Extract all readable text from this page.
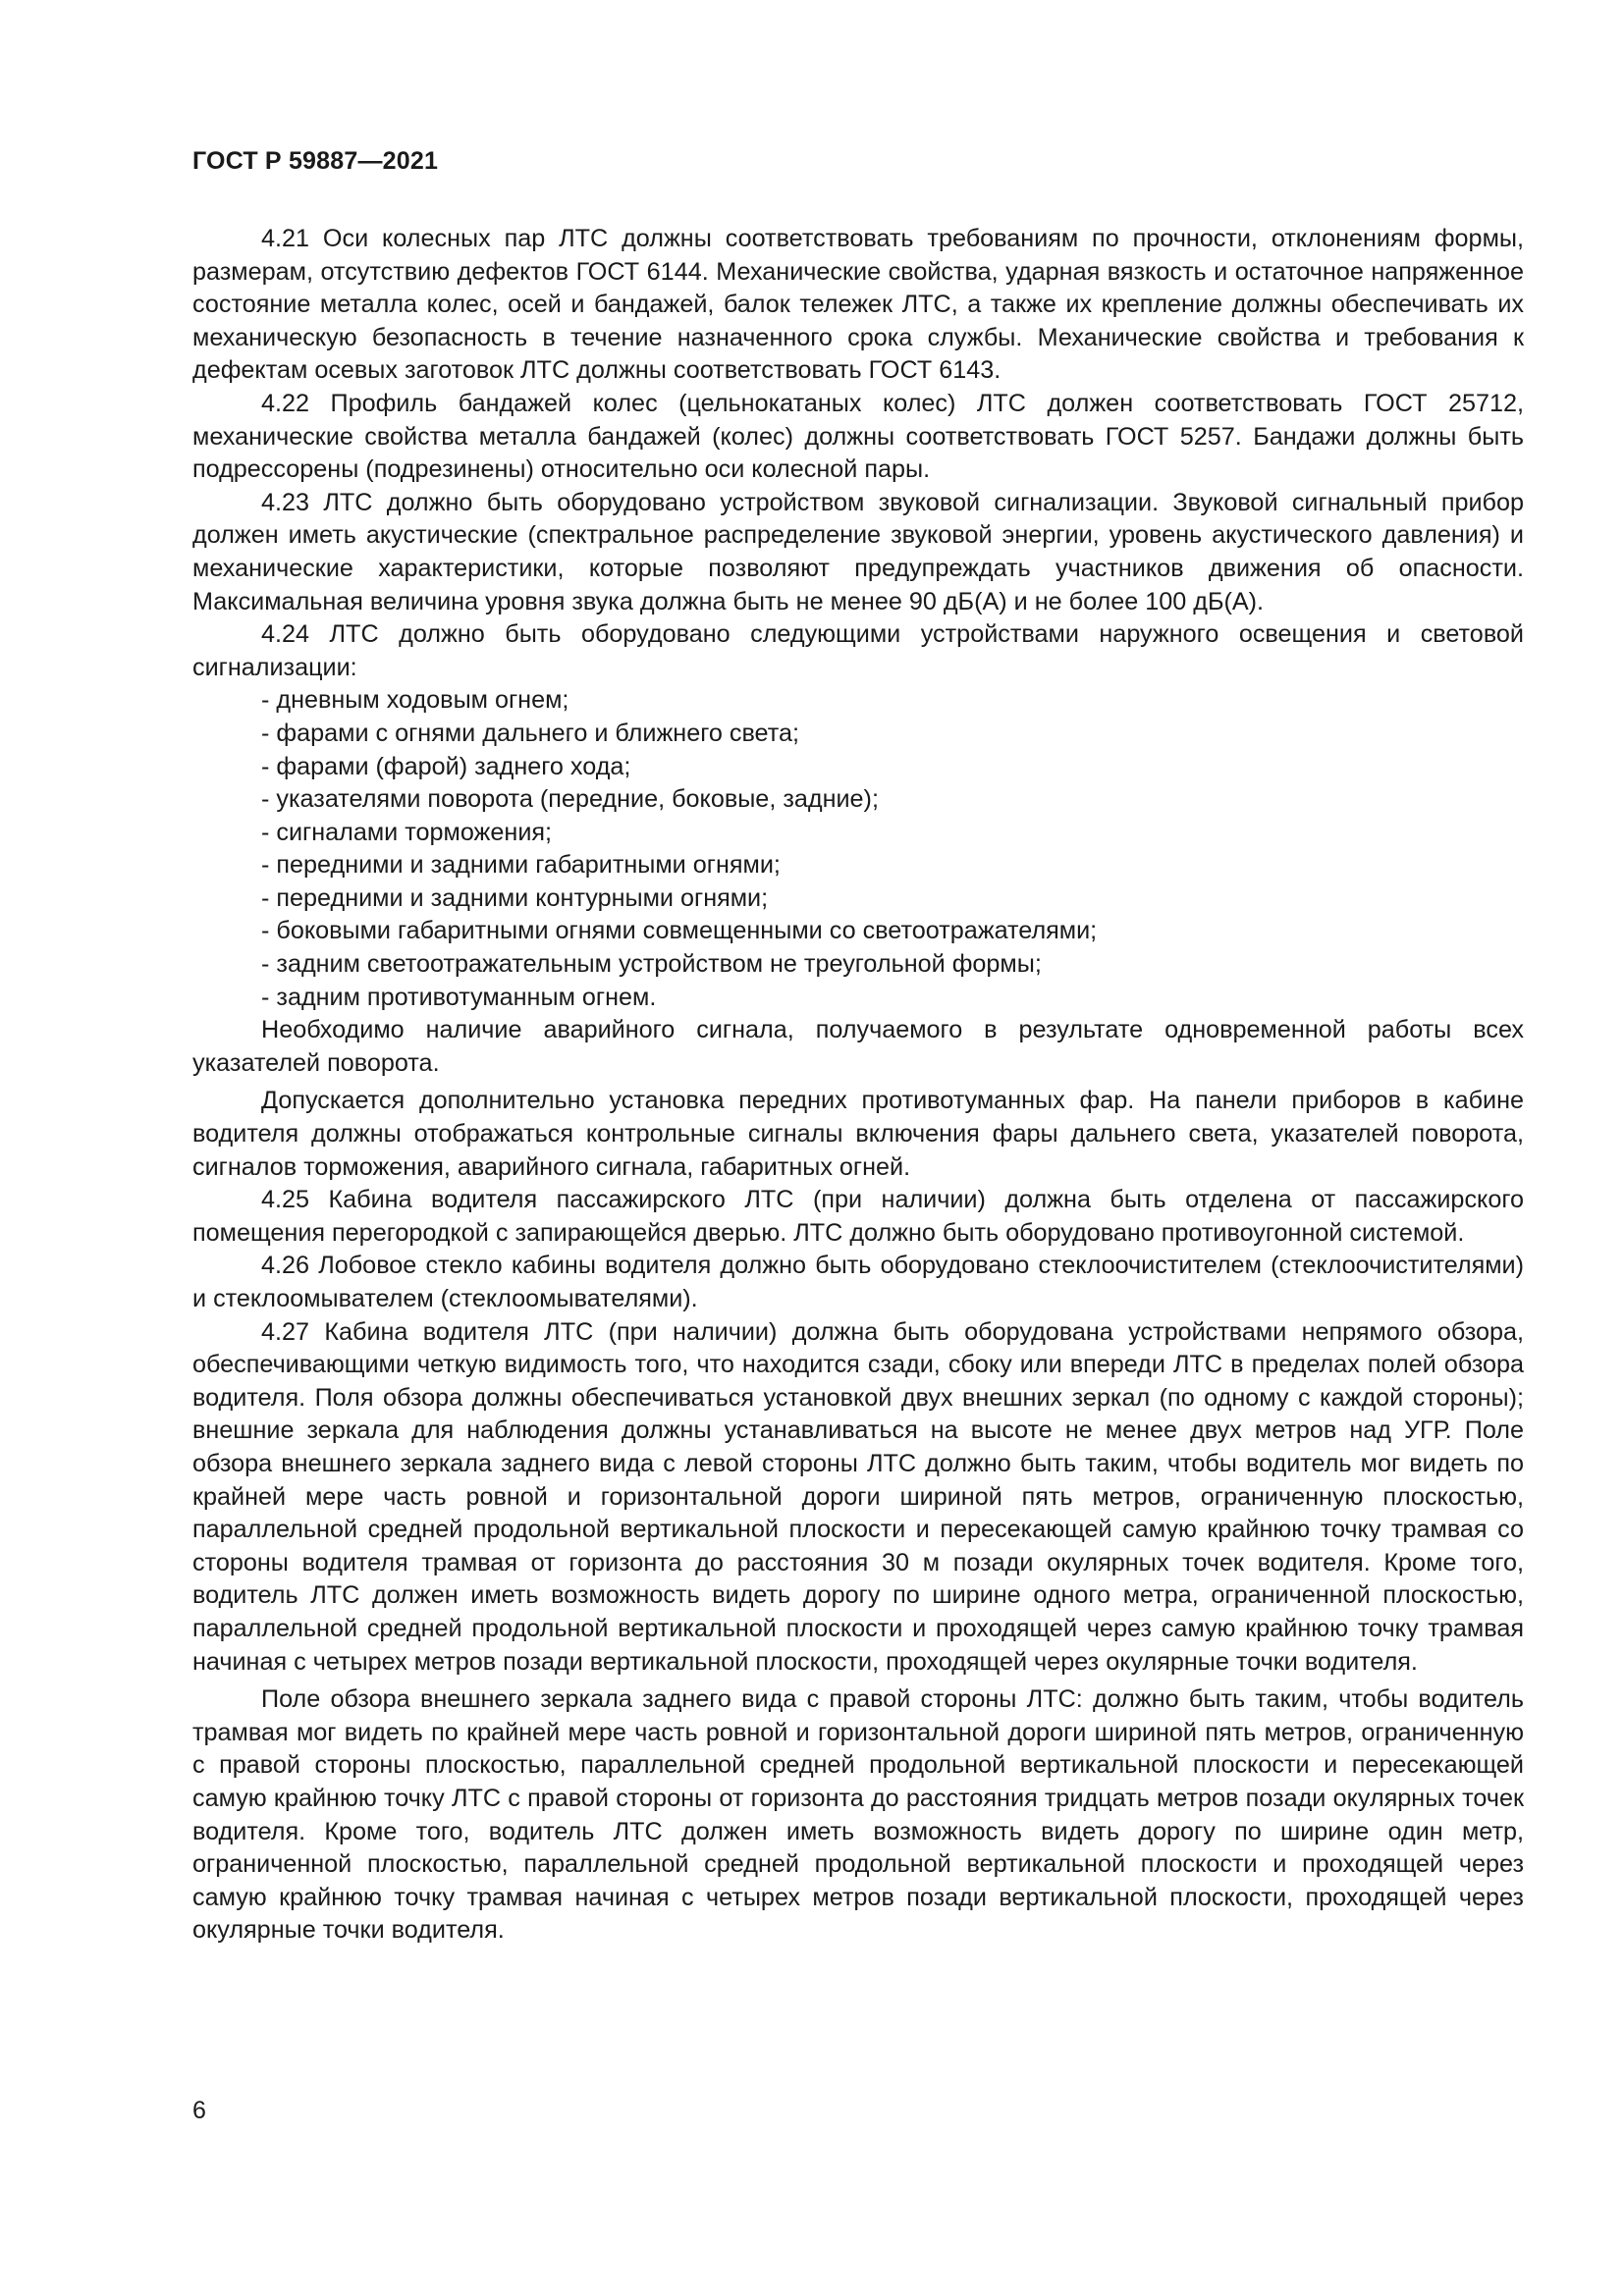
ГОСТ Р 59887—2021

4.21 Оси колесных пар ЛТС должны соответствовать требованиям по прочности, отклонениям формы, размерам, отсутствию дефектов ГОСТ 6144. Механические свойства, ударная вязкость и остаточное напряженное состояние металла колес, осей и бандажей, балок тележек ЛТС, а также их крепление должны обеспечивать их механическую безопасность в течение назначенного срока службы. Механические свойства и требования к дефектам осевых заготовок ЛТС должны соответствовать ГОСТ 6143.

4.22 Профиль бандажей колес (цельнокатаных колес) ЛТС должен соответствовать ГОСТ 25712, механические свойства металла бандажей (колес) должны соответствовать ГОСТ 5257. Бандажи должны быть подрессорены (подрезинены) относительно оси колесной пары.

4.23 ЛТС должно быть оборудовано устройством звуковой сигнализации. Звуковой сигнальный прибор должен иметь акустические (спектральное распределение звуковой энергии, уровень акустического давления) и механические характеристики, которые позволяют предупреждать участников движения об опасности. Максимальная величина уровня звука должна быть не менее 90 дБ(А) и не более 100 дБ(А).

4.24 ЛТС должно быть оборудовано следующими устройствами наружного освещения и световой сигнализации:

- дневным ходовым огнем;
- фарами с огнями дальнего и ближнего света;
- фарами (фарой) заднего хода;
- указателями поворота (передние, боковые, задние);
- сигналами торможения;
- передними и задними габаритными огнями;
- передними и задними контурными огнями;
- боковыми габаритными огнями совмещенными со светоотражателями;
- задним светоотражательным устройством не треугольной формы;
- задним противотуманным огнем.

Необходимо наличие аварийного сигнала, получаемого в результате одновременной работы всех указателей поворота.

Допускается дополнительно установка передних противотуманных фар. На панели приборов в кабине водителя должны отображаться контрольные сигналы включения фары дальнего света, указателей поворота, сигналов торможения, аварийного сигнала, габаритных огней.

4.25 Кабина водителя пассажирского ЛТС (при наличии) должна быть отделена от пассажирского помещения перегородкой с запирающейся дверью. ЛТС должно быть оборудовано противоугонной системой.

4.26 Лобовое стекло кабины водителя должно быть оборудовано стеклоочистителем (стеклоочистителями) и стеклоомывателем (стеклоомывателями).

4.27 Кабина водителя ЛТС (при наличии) должна быть оборудована устройствами непрямого обзора, обеспечивающими четкую видимость того, что находится сзади, сбоку или впереди ЛТС в пределах полей обзора водителя. Поля обзора должны обеспечиваться установкой двух внешних зеркал (по одному с каждой стороны); внешние зеркала для наблюдения должны устанавливаться на высоте не менее двух метров над УГР. Поле обзора внешнего зеркала заднего вида с левой стороны ЛТС должно быть таким, чтобы водитель мог видеть по крайней мере часть ровной и горизонтальной дороги шириной пять метров, ограниченную плоскостью, параллельной средней продольной вертикальной плоскости и пересекающей самую крайнюю точку трамвая со стороны водителя трамвая от горизонта до расстояния 30 м позади окулярных точек водителя. Кроме того, водитель ЛТС должен иметь возможность видеть дорогу по ширине одного метра, ограниченной плоскостью, параллельной средней продольной вертикальной плоскости и проходящей через самую крайнюю точку трамвая начиная с четырех метров позади вертикальной плоскости, проходящей через окулярные точки водителя.

Поле обзора внешнего зеркала заднего вида с правой стороны ЛТС: должно быть таким, чтобы водитель трамвая мог видеть по крайней мере часть ровной и горизонтальной дороги шириной пять метров, ограниченную с правой стороны плоскостью, параллельной средней продольной вертикальной плоскости и пересекающей самую крайнюю точку ЛТС с правой стороны от горизонта до расстояния тридцать метров позади окулярных точек водителя. Кроме того, водитель ЛТС должен иметь возможность видеть дорогу по ширине один метр, ограниченной плоскостью, параллельной средней продольной вертикальной плоскости и проходящей через самую крайнюю точку трамвая начиная с четырех метров позади вертикальной плоскости, проходящей через окулярные точки водителя.

6
